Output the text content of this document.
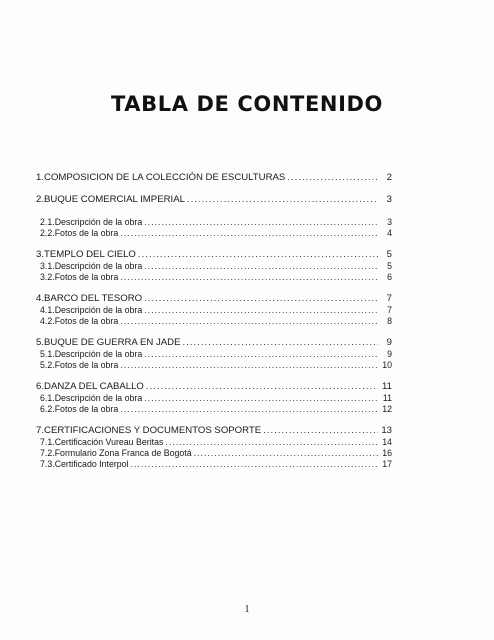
TABLA DE CONTENIDO
1. COMPOSICION DE LA COLECCIÓN DE ESCULTURAS .....	2
2. BUQUE COMERCIAL IMPERIAL .....	3
2.1. Descripción de la obra .....	3
2.2. Fotos de la obra .....	4
3. TEMPLO DEL CIELO .....	5
3.1. Descripción de la obra .....	5
3.2. Fotos de la obra .....	6
4. BARCO DEL TESORO .....	7
4.1. Descripción de la obra .....	7
4.2. Fotos de la obra .....	8
5. BUQUE DE GUERRA EN JADE .....	9
5.1. Descripción de la obra .....	9
5.2. Fotos de la obra .....	10
6. DANZA DEL CABALLO .....	11
6.1. Descripción de la obra .....	11
6.2. Fotos de la obra .....	12
7. CERTIFICACIONES Y DOCUMENTOS SOPORTE .....	13
7.1. Certificación Vureau Beritas .....	14
7.2. Formulario Zona Franca de Bogotá .....	16
7.3. Certificado Interpol .....	17
1
